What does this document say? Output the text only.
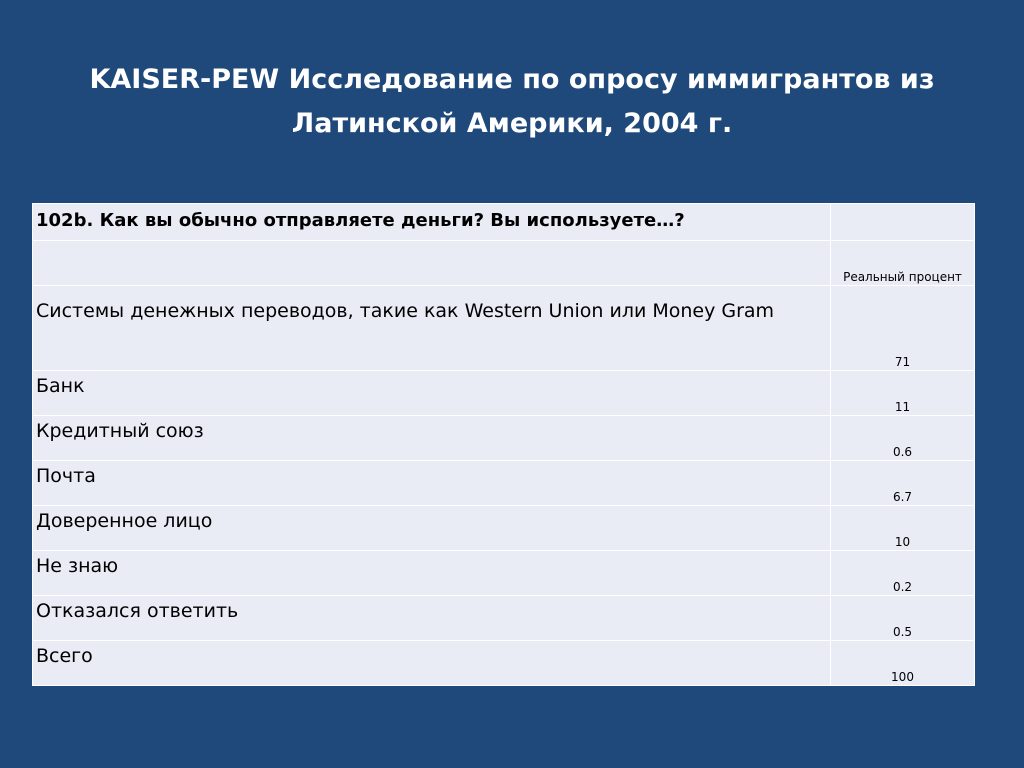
KAISER-PEW Исследование по опросу иммигрантов из
Латинской Америки, 2004 г.
102b. Как вы обычно отправляете деньги? Вы используете…?	
	Реальный процент
Системы денежных переводов, такие как Western Union или Money Gram	71
Банк	11
Кредитный союз	0.6
Почта	6.7
Доверенное лицо	10
Не знаю	0.2
Отказался ответить	0.5
Всего	100
